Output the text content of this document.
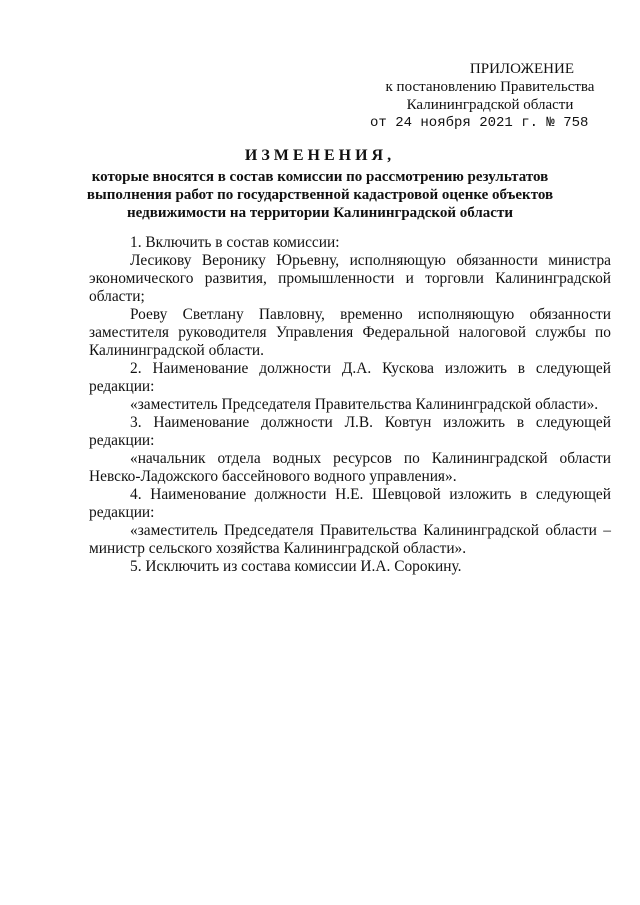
ПРИЛОЖЕНИЕ
к постановлению Правительства
Калининградской области
от 24 ноября 2021 г. № 758
ИЗМЕНЕНИЯ,
которые вносятся в состав комиссии по рассмотрению результатов
выполнения работ по государственной кадастровой оценке объектов
недвижимости на территории Калининградской области

1. Включить в состав комиссии:

Лесикову Веронику Юрьевну, исполняющую обязанности министра экономического развития, промышленности и торговли Калининградской области;

Роеву Светлану Павловну, временно исполняющую обязанности заместителя руководителя Управления Федеральной налоговой службы по Калининградской области.

2. Наименование должности Д.А. Кускова изложить в следующей редакции:

«заместитель Председателя Правительства Калининградской области».

3. Наименование должности Л.В. Ковтун изложить в следующей редакции:

«начальник отдела водных ресурсов по Калининградской области Невско-Ладожского бассейнового водного управления».

4. Наименование должности Н.Е. Шевцовой изложить в следующей редакции:

«заместитель Председателя Правительства Калининградской области – министр сельского хозяйства Калининградской области».

5. Исключить из состава комиссии И.А. Сорокину.
